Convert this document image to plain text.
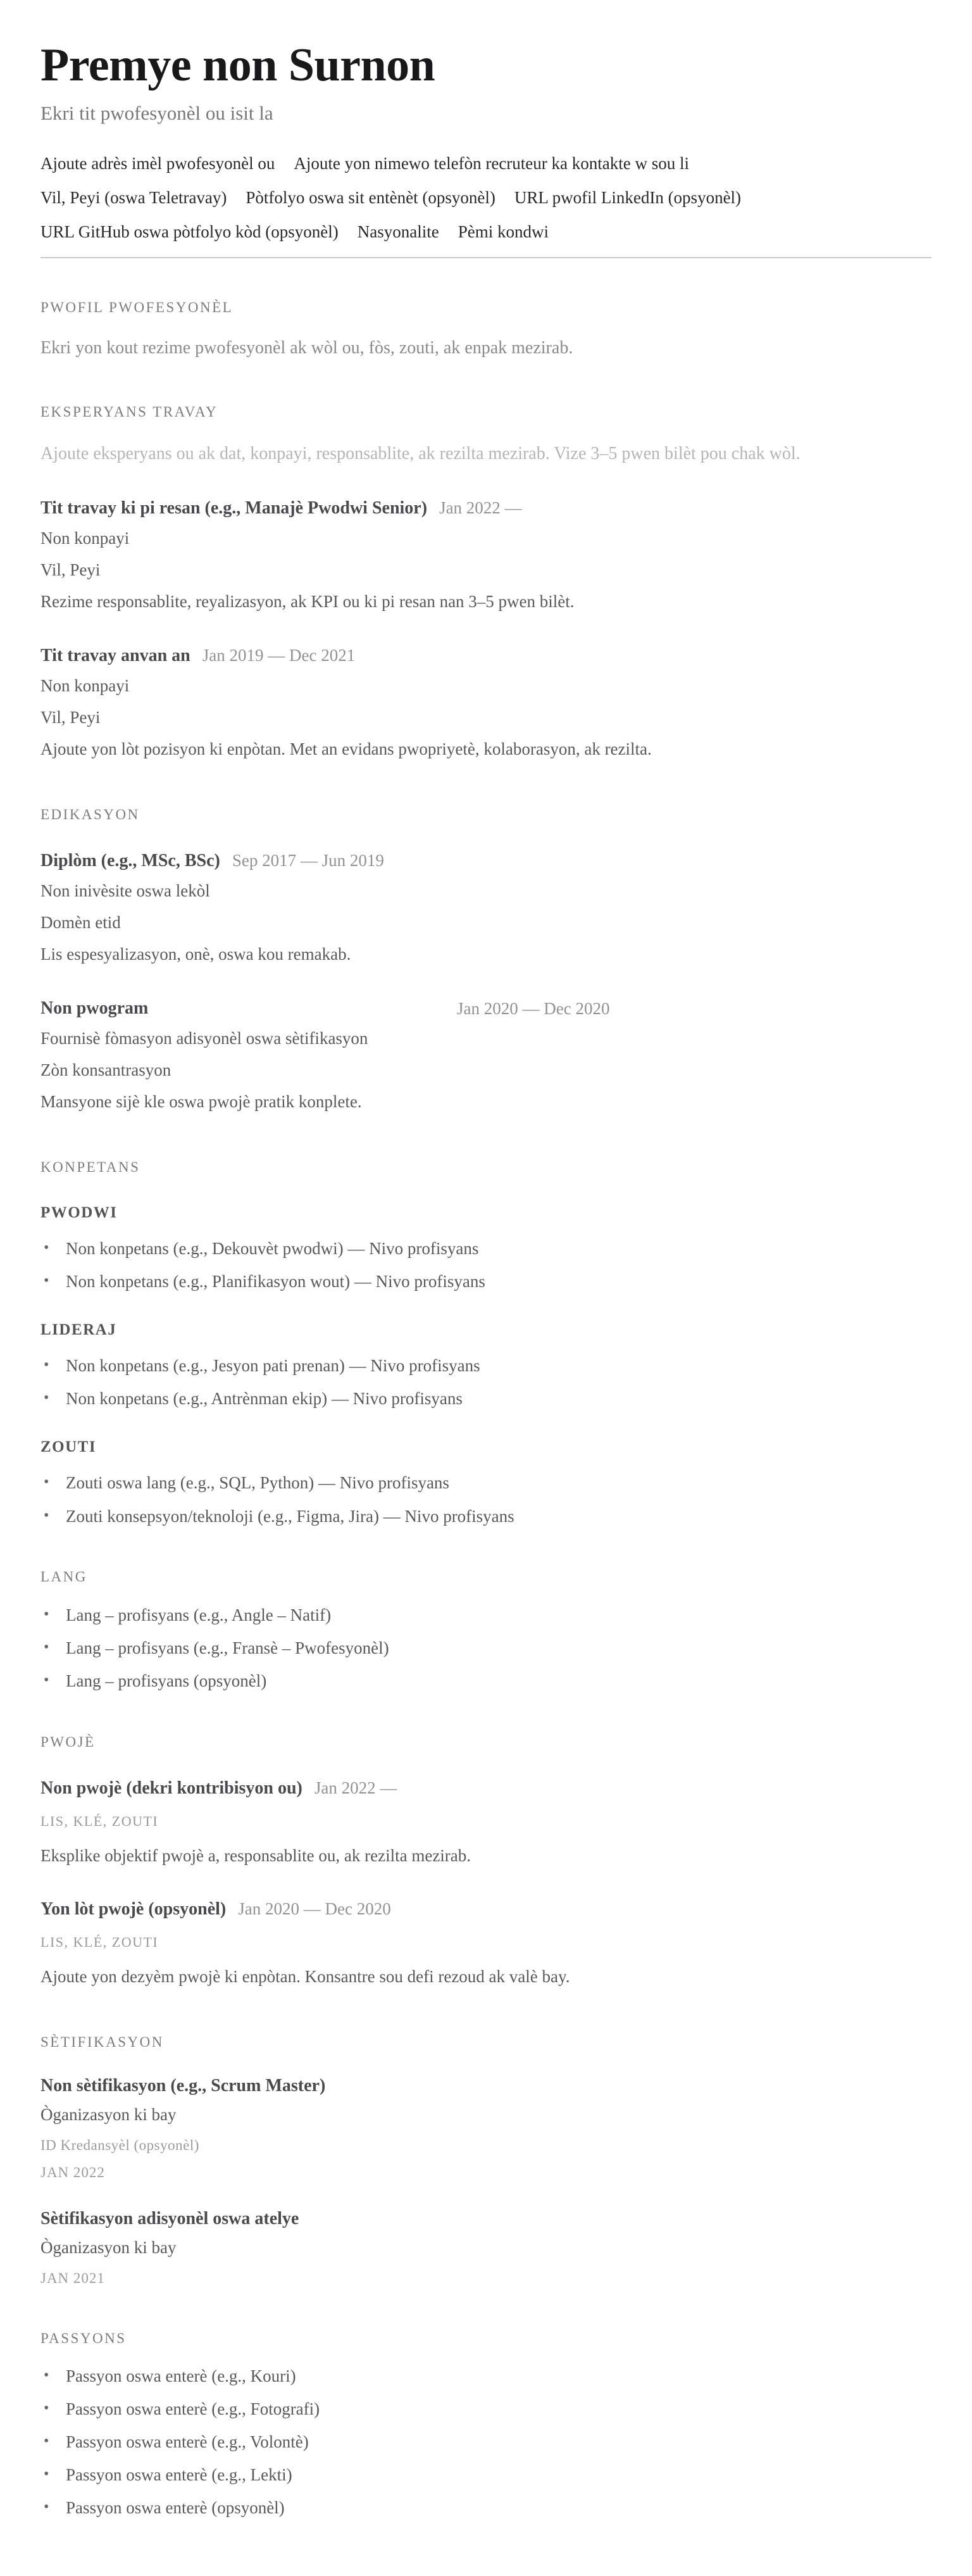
Premye non Surnon

Ekri tit pwofesyonèl ou isit la

Ajoute adrès imèl pwofesyonèl ou Ajoute yon nimewo telefòn recruteur ka kontakte w sou li
Vil, Peyi (oswa Teletravay) Pòtfolyo oswa sit entènèt (opsyonèl) URL pwofil LinkedIn (opsyonèl)
URL GitHub oswa pòtfolyo kòd (opsyonèl) Nasyonalite Pèmi kondwi
PWOFIL PWOFESYONÈL

Ekri yon kout rezime pwofesyonèl ak wòl ou, fòs, zouti, ak enpak mezirab.

EKSPERYANS TRAVAY

Ajoute eksperyans ou ak dat, konpayi, responsablite, ak rezilta mezirab. Vize 3–5 pwen bilèt pou chak wòl.

Tit travay ki pi resan (e.g., Manajè Pwodwi Senior) Jan 2022 —

Non konpayi

Vil, Peyi

Rezime responsablite, reyalizasyon, ak KPI ou ki pi resan nan 3–5 pwen bilèt.

Tit travay anvan an Jan 2019 — Dec 2021

Non konpayi

Vil, Peyi

Ajoute yon lòt pozisyon ki enpòtan. Met an evidans pwopriyetè, kolaborasyon, ak rezilta.

EDIKASYON

Diplòm (e.g., MSc, BSc) Sep 2017 — Jun 2019

Non inivèsite oswa lekòl

Domèn etid

Lis espesyalizasyon, onè, oswa kou remakab.

Non pwogram	Jan 2020 — Dec 2020

Fournisè fòmasyon adisyonèl oswa sètifikasyon

Zòn konsantrasyon

Mansyone sijè kle oswa pwojè pratik konplete.

KONPETANS
PWODWI
•
Non konpetans (e.g., Dekouvèt pwodwi) — Nivo profisyans
•
Non konpetans (e.g., Planifikasyon wout) — Nivo profisyans
LIDERAJ
•
Non konpetans (e.g., Jesyon pati prenan) — Nivo profisyans
•
Non konpetans (e.g., Antrènman ekip) — Nivo profisyans
ZOUTI
•
Zouti oswa lang (e.g., SQL, Python) — Nivo profisyans
•
Zouti konsepsyon/teknoloji (e.g., Figma, Jira) — Nivo profisyans
LANG
•
Lang – profisyans (e.g., Angle – Natif)
•
Lang – profisyans (e.g., Fransè – Pwofesyonèl)
•
Lang – profisyans (opsyonèl)
PWOJÈ

Non pwojè (dekri kontribisyon ou) Jan 2022 —

LIS, KLÉ, ZOUTI

Eksplike objektif pwojè a, responsablite ou, ak rezilta mezirab.

Yon lòt pwojè (opsyonèl) Jan 2020 — Dec 2020

LIS, KLÉ, ZOUTI

Ajoute yon dezyèm pwojè ki enpòtan. Konsantre sou defi rezoud ak valè bay.

SÈTIFIKASYON

Non sètifikasyon (e.g., Scrum Master)

Òganizasyon ki bay

ID Kredansyèl (opsyonèl)

JAN 2022

Sètifikasyon adisyonèl oswa atelye

Òganizasyon ki bay

JAN 2021

PASSYONS
•
Passyon oswa enterè (e.g., Kouri)
•
Passyon oswa enterè (e.g., Fotografi)
•
Passyon oswa enterè (e.g., Volontè)
•
Passyon oswa enterè (e.g., Lekti)
•
Passyon oswa enterè (opsyonèl)
